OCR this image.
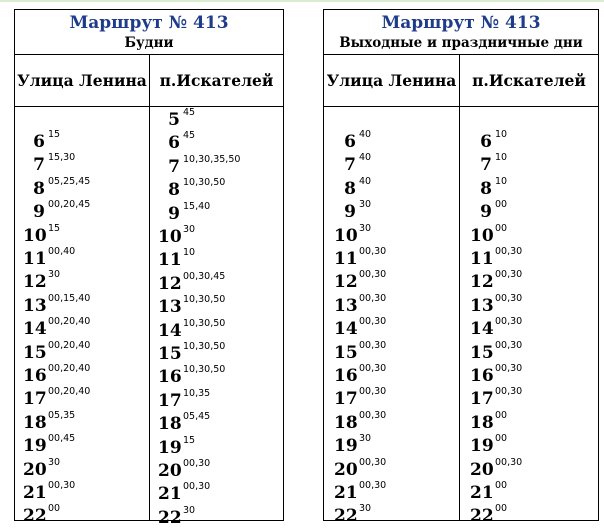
Маршрут № 413
Будни
Улица Ленина п.Искателей
6 15
7 15,30
8 05,25,45
9 00,20,45
10 15
11 00,40
12 30
13 00,15,40
14 00,20,40
15 00,20,40
16 00,20,40
17 00,20,40
18 05,35
19 00,45
20 30
21 00,30
22 00
5 45
6 45
7 10,30,35,50
8 10,30,50
9 15,40
10 30
11 10
12 00,30,45
13 10,30,50
14 10,30,50
15 10,30,50
16 10,30,50
17 10,35
18 05,45
19 15
20 00,30
21 00,30
22 30
Маршрут № 413
Выходные и праздничные дни
Улица Ленина п.Искателей
6 40
7 40
8 40
9 30
10 30
11 00,30
12 00,30
13 00,30
14 00,30
15 00,30
16 00,30
17 00,30
18 00,30
19 30
20 00,30
21 00,30
22 30
6 10
7 10
8 10
9 00
10 00
11 00,30
12 00,30
13 00,30
14 00,30
15 00,30
16 00,30
17 00,30
18 00
19 00
20 00,30
21 00
22 00
